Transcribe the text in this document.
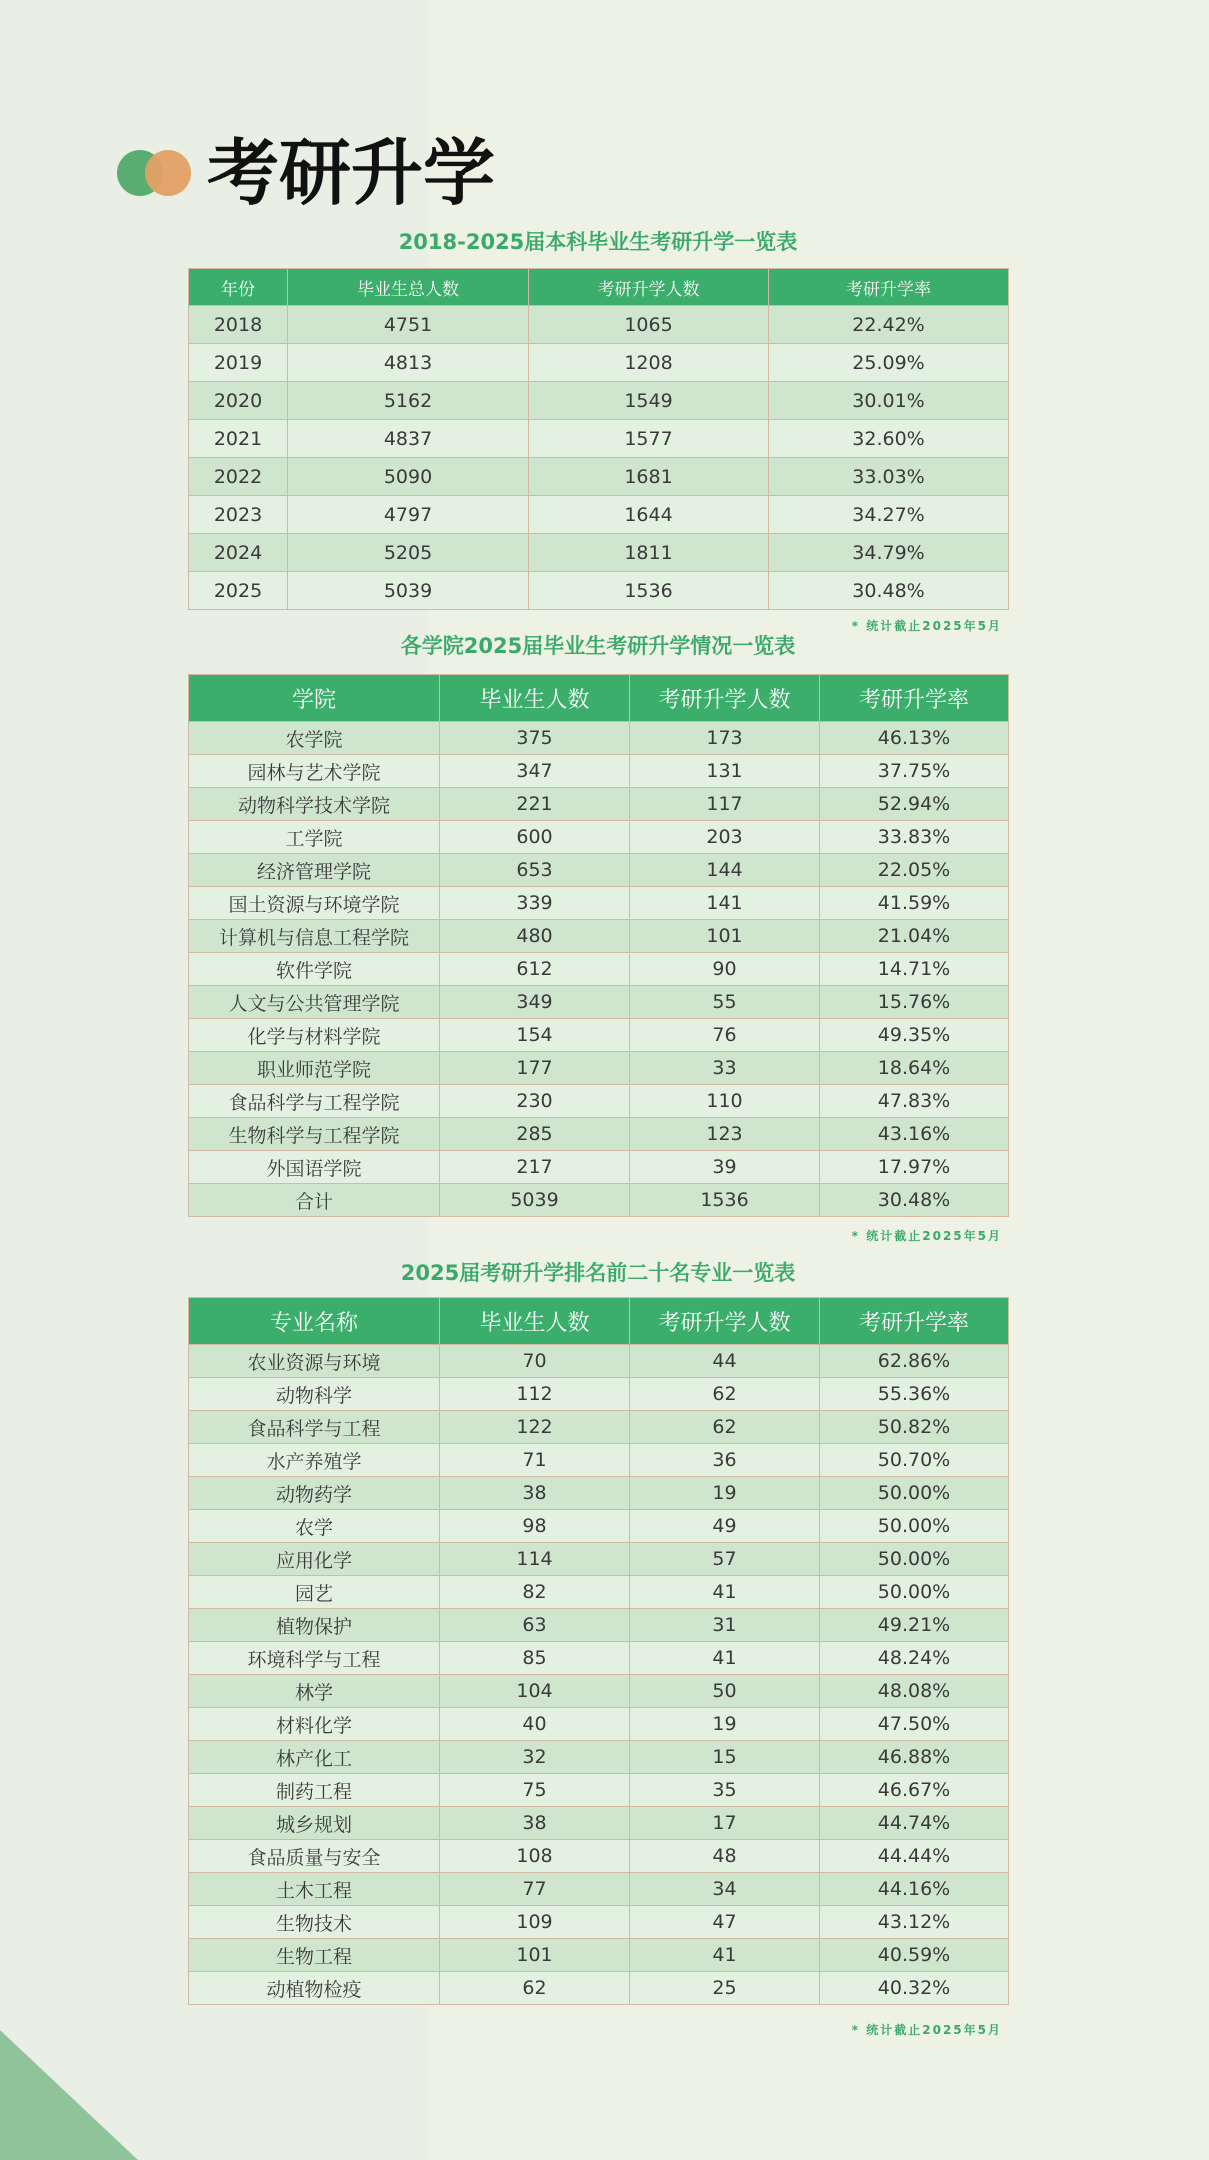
考研升学
2018-2025届本科毕业生考研升学一览表
年份	毕业生总人数	考研升学人数	考研升学率
2018	4751	1065	22.42%
2019	4813	1208	25.09%
2020	5162	1549	30.01%
2021	4837	1577	32.60%
2022	5090	1681	33.03%
2023	4797	1644	34.27%
2024	5205	1811	34.79%
2025	5039	1536	30.48%
* 统计截止2025年5月
各学院2025届毕业生考研升学情况一览表
学院	毕业生人数	考研升学人数	考研升学率
农学院	375	173	46.13%
园林与艺术学院	347	131	37.75%
动物科学技术学院	221	117	52.94%
工学院	600	203	33.83%
经济管理学院	653	144	22.05%
国土资源与环境学院	339	141	41.59%
计算机与信息工程学院	480	101	21.04%
软件学院	612	90	14.71%
人文与公共管理学院	349	55	15.76%
化学与材料学院	154	76	49.35%
职业师范学院	177	33	18.64%
食品科学与工程学院	230	110	47.83%
生物科学与工程学院	285	123	43.16%
外国语学院	217	39	17.97%
合计	5039	1536	30.48%
* 统计截止2025年5月
2025届考研升学排名前二十名专业一览表
专业名称	毕业生人数	考研升学人数	考研升学率
农业资源与环境	70	44	62.86%
动物科学	112	62	55.36%
食品科学与工程	122	62	50.82%
水产养殖学	71	36	50.70%
动物药学	38	19	50.00%
农学	98	49	50.00%
应用化学	114	57	50.00%
园艺	82	41	50.00%
植物保护	63	31	49.21%
环境科学与工程	85	41	48.24%
林学	104	50	48.08%
材料化学	40	19	47.50%
林产化工	32	15	46.88%
制药工程	75	35	46.67%
城乡规划	38	17	44.74%
食品质量与安全	108	48	44.44%
土木工程	77	34	44.16%
生物技术	109	47	43.12%
生物工程	101	41	40.59%
动植物检疫	62	25	40.32%
* 统计截止2025年5月
